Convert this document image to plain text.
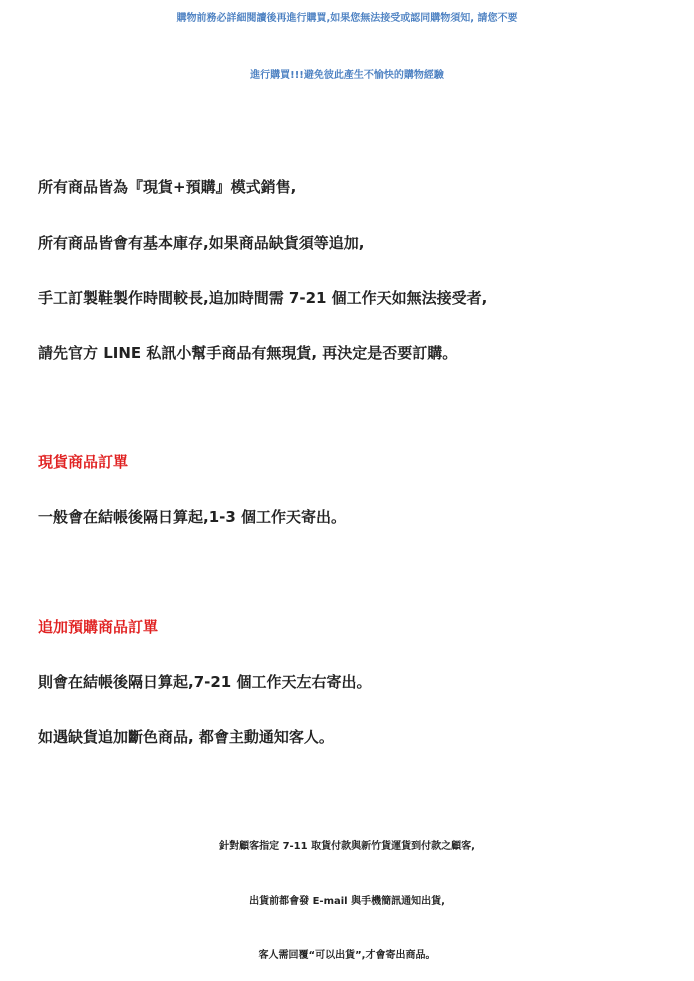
購物前務必詳細閱讀後再進行購買,如果您無法接受或認同購物須知, 請您不要
進行購買!!!避免彼此產生不愉快的購物經驗
所有商品皆為『現貨+預購』模式銷售,
所有商品皆會有基本庫存,如果商品缺貨須等追加,
手工訂製鞋製作時間較長,追加時間需 7-21 個工作天如無法接受者,
請先官方 LINE 私訊小幫手商品有無現貨, 再決定是否要訂購。
現貨商品訂單
一般會在結帳後隔日算起,1-3 個工作天寄出。
追加預購商品訂單
則會在結帳後隔日算起,7-21 個工作天左右寄出。
如遇缺貨追加斷色商品, 都會主動通知客人。
針對顧客指定 7-11 取貨付款與新竹貨運貨到付款之顧客,
出貨前都會發 E-mail 與手機簡訊通知出貨,
客人需回覆“可以出貨”,才會寄出商品。
